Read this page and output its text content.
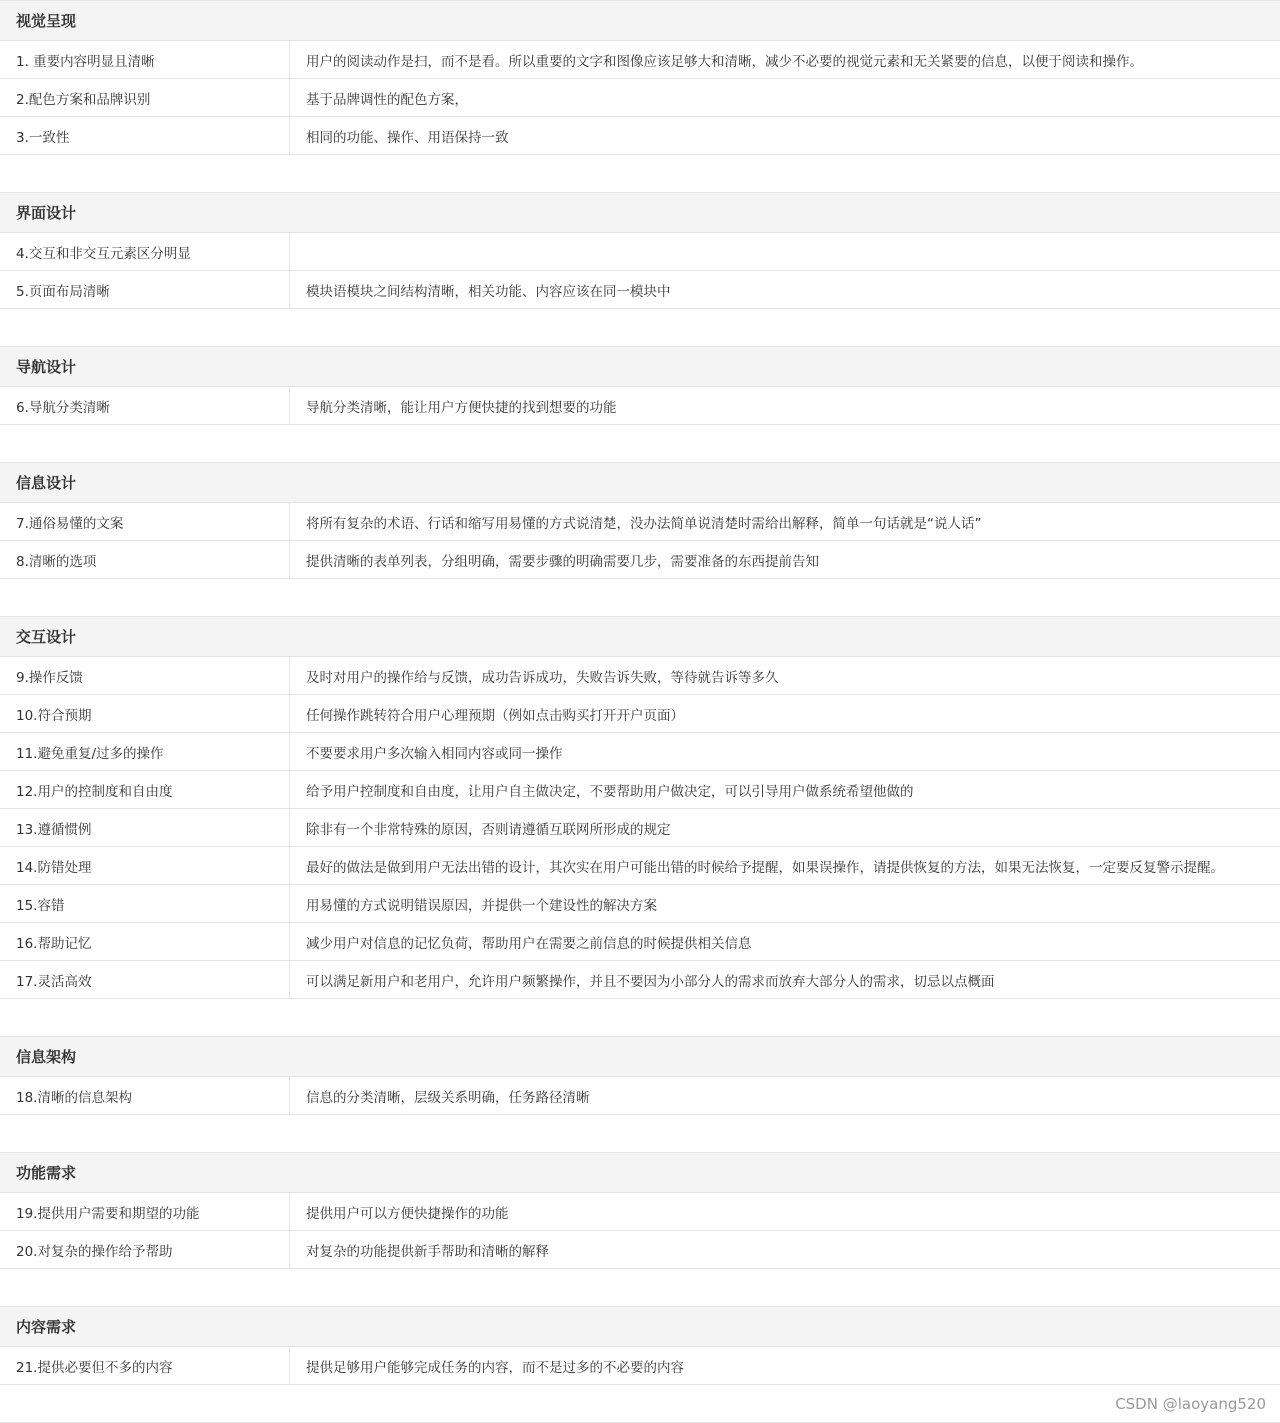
视觉呈现
1. 重要内容明显且清晰	用户的阅读动作是扫，而不是看。所以重要的文字和图像应该足够大和清晰，减少不必要的视觉元素和无关紧要的信息，以便于阅读和操作。
2.配色方案和品牌识别	基于品牌调性的配色方案，
3.一致性	相同的功能、操作、用语保持一致
界面设计
4.交互和非交互元素区分明显
5.页面布局清晰	模块语模块之间结构清晰，相关功能、内容应该在同一模块中
导航设计
6.导航分类清晰	导航分类清晰，能让用户方便快捷的找到想要的功能
信息设计
7.通俗易懂的文案	将所有复杂的术语、行话和缩写用易懂的方式说清楚，没办法简单说清楚时需给出解释，简单一句话就是“说人话”
8.清晰的选项	提供清晰的表单列表，分组明确，需要步骤的明确需要几步，需要准备的东西提前告知
交互设计
9.操作反馈	及时对用户的操作给与反馈，成功告诉成功，失败告诉失败，等待就告诉等多久
10.符合预期	任何操作跳转符合用户心理预期（例如点击购买打开开户页面）
11.避免重复/过多的操作	不要要求用户多次输入相同内容或同一操作
12.用户的控制度和自由度	给予用户控制度和自由度，让用户自主做决定，不要帮助用户做决定，可以引导用户做系统希望他做的
13.遵循惯例	除非有一个非常特殊的原因，否则请遵循互联网所形成的规定
14.防错处理	最好的做法是做到用户无法出错的设计，其次实在用户可能出错的时候给予提醒，如果误操作，请提供恢复的方法，如果无法恢复，一定要反复警示提醒。
15.容错	用易懂的方式说明错误原因，并提供一个建设性的解决方案
16.帮助记忆	减少用户对信息的记忆负荷，帮助用户在需要之前信息的时候提供相关信息
17.灵活高效	可以满足新用户和老用户，允许用户频繁操作，并且不要因为小部分人的需求而放弃大部分人的需求，切忌以点概面
信息架构
18.清晰的信息架构	信息的分类清晰，层级关系明确，任务路径清晰
功能需求
19.提供用户需要和期望的功能	提供用户可以方便快捷操作的功能
20.对复杂的操作给予帮助	对复杂的功能提供新手帮助和清晰的解释
内容需求
21.提供必要但不多的内容	提供足够用户能够完成任务的内容，而不是过多的不必要的内容
CSDN @laoyang520
